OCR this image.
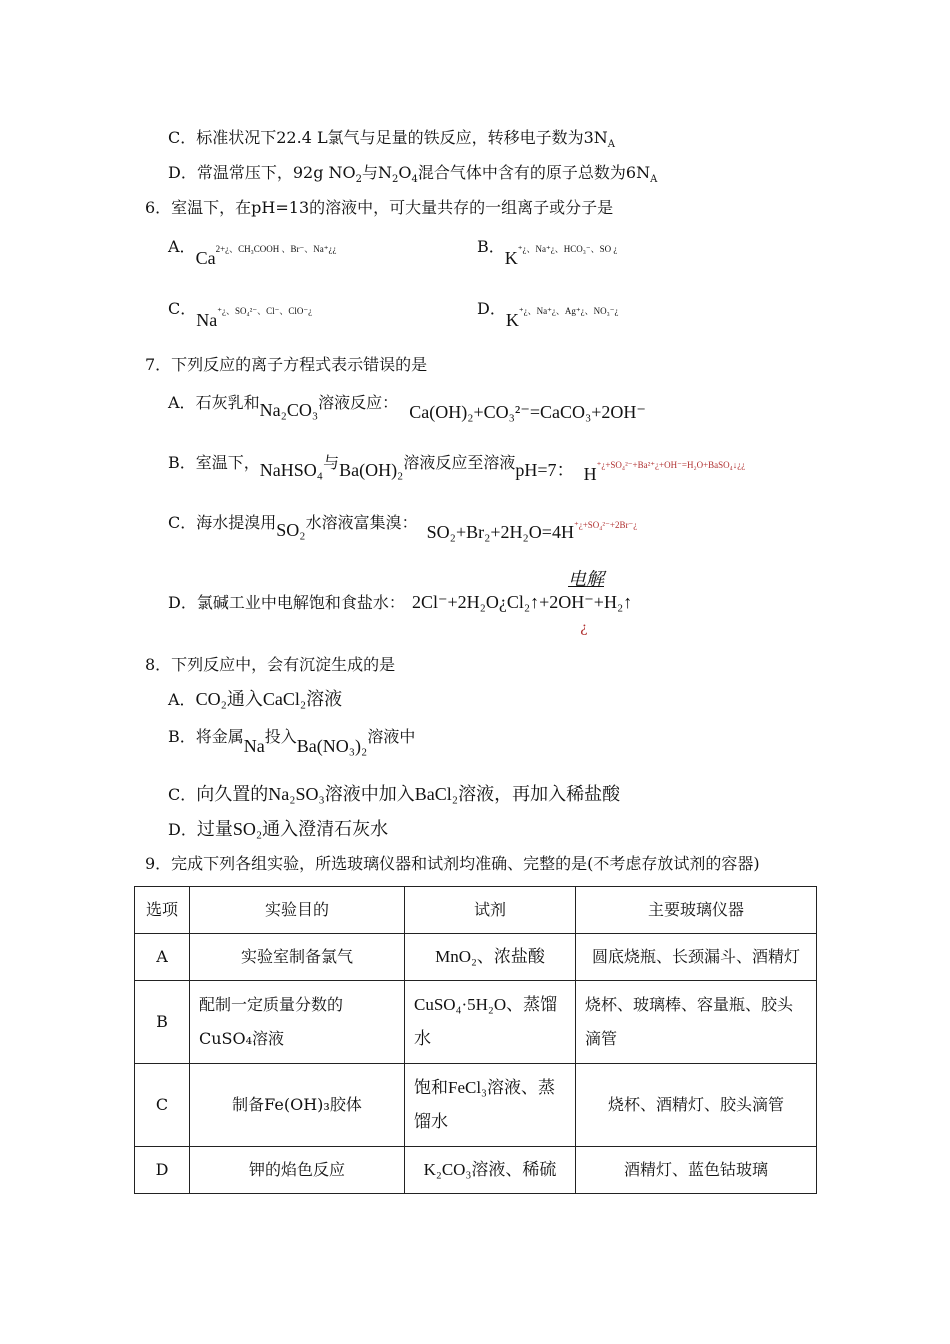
C．标准状况下22.4 L氯气与足量的铁反应，转移电子数为$3N_A$
D．常温常压下，92g $NO_2$与$N_2O_4$混合气体中含有的原子总数为$6N_A$
6．室温下，在pH=13的溶液中，可大量共存的一组离子或分子是
A．Ca2+¿、CH₃COOH 、Br⁻、Na⁺¿¿	B．K⁺¿、Na⁺¿、HCO₃⁻、SO ¿
C．Na⁺¿、SO₄²⁻、Cl⁻、ClO⁻¿	D．K⁺¿、Na⁺¿、Ag⁺¿、NO₃⁻¿
7．下列反应的离子方程式表示错误的是
A．石灰乳和Na₂CO₃溶液反应： Ca(OH)₂+CO₃²⁻=CaCO₃+2OH⁻
B．室温下，NaHSO₄与Ba(OH)₂溶液反应至溶液pH=7： H⁺¿+SO₄²⁻+Ba²⁺¿+OH⁻=H₂O+BaSO₄↓¿¿
C．海水提溴用SO₂水溶液富集溴： SO₂+Br₂+2H₂O=4H⁺¿+SO₄²⁻+2Br⁻¿
电解
D．氯碱工业中电解饱和食盐水： 2Cl⁻+2H₂O¿Cl₂↑+2OH⁻+H₂↑
¿
8．下列反应中，会有沉淀生成的是
A．CO₂通入CaCl₂溶液
B．将金属Na投入Ba(NO₃)₂溶液中
C．向久置的Na₂SO₃溶液中加入BaCl₂溶液，再加入稀盐酸
D．过量SO₂通入澄清石灰水
9．完成下列各组实验，所选玻璃仪器和试剂均准确、完整的是(不考虑存放试剂的容器)
选项	实验目的	试剂	主要玻璃仪器
A	实验室制备氯气	MnO₂、浓盐酸	圆底烧瓶、长颈漏斗、酒精灯
B	配制一定质量分数的CuSO₄溶液	CuSO₄·5H₂O、蒸馏水	烧杯、玻璃棒、容量瓶、胶头滴管
C	制备Fe(OH)₃胶体	饱和FeCl₃溶液、蒸馏水	烧杯、酒精灯、胶头滴管
D	钾的焰色反应	K₂CO₃溶液、稀硫	酒精灯、蓝色钴玻璃
